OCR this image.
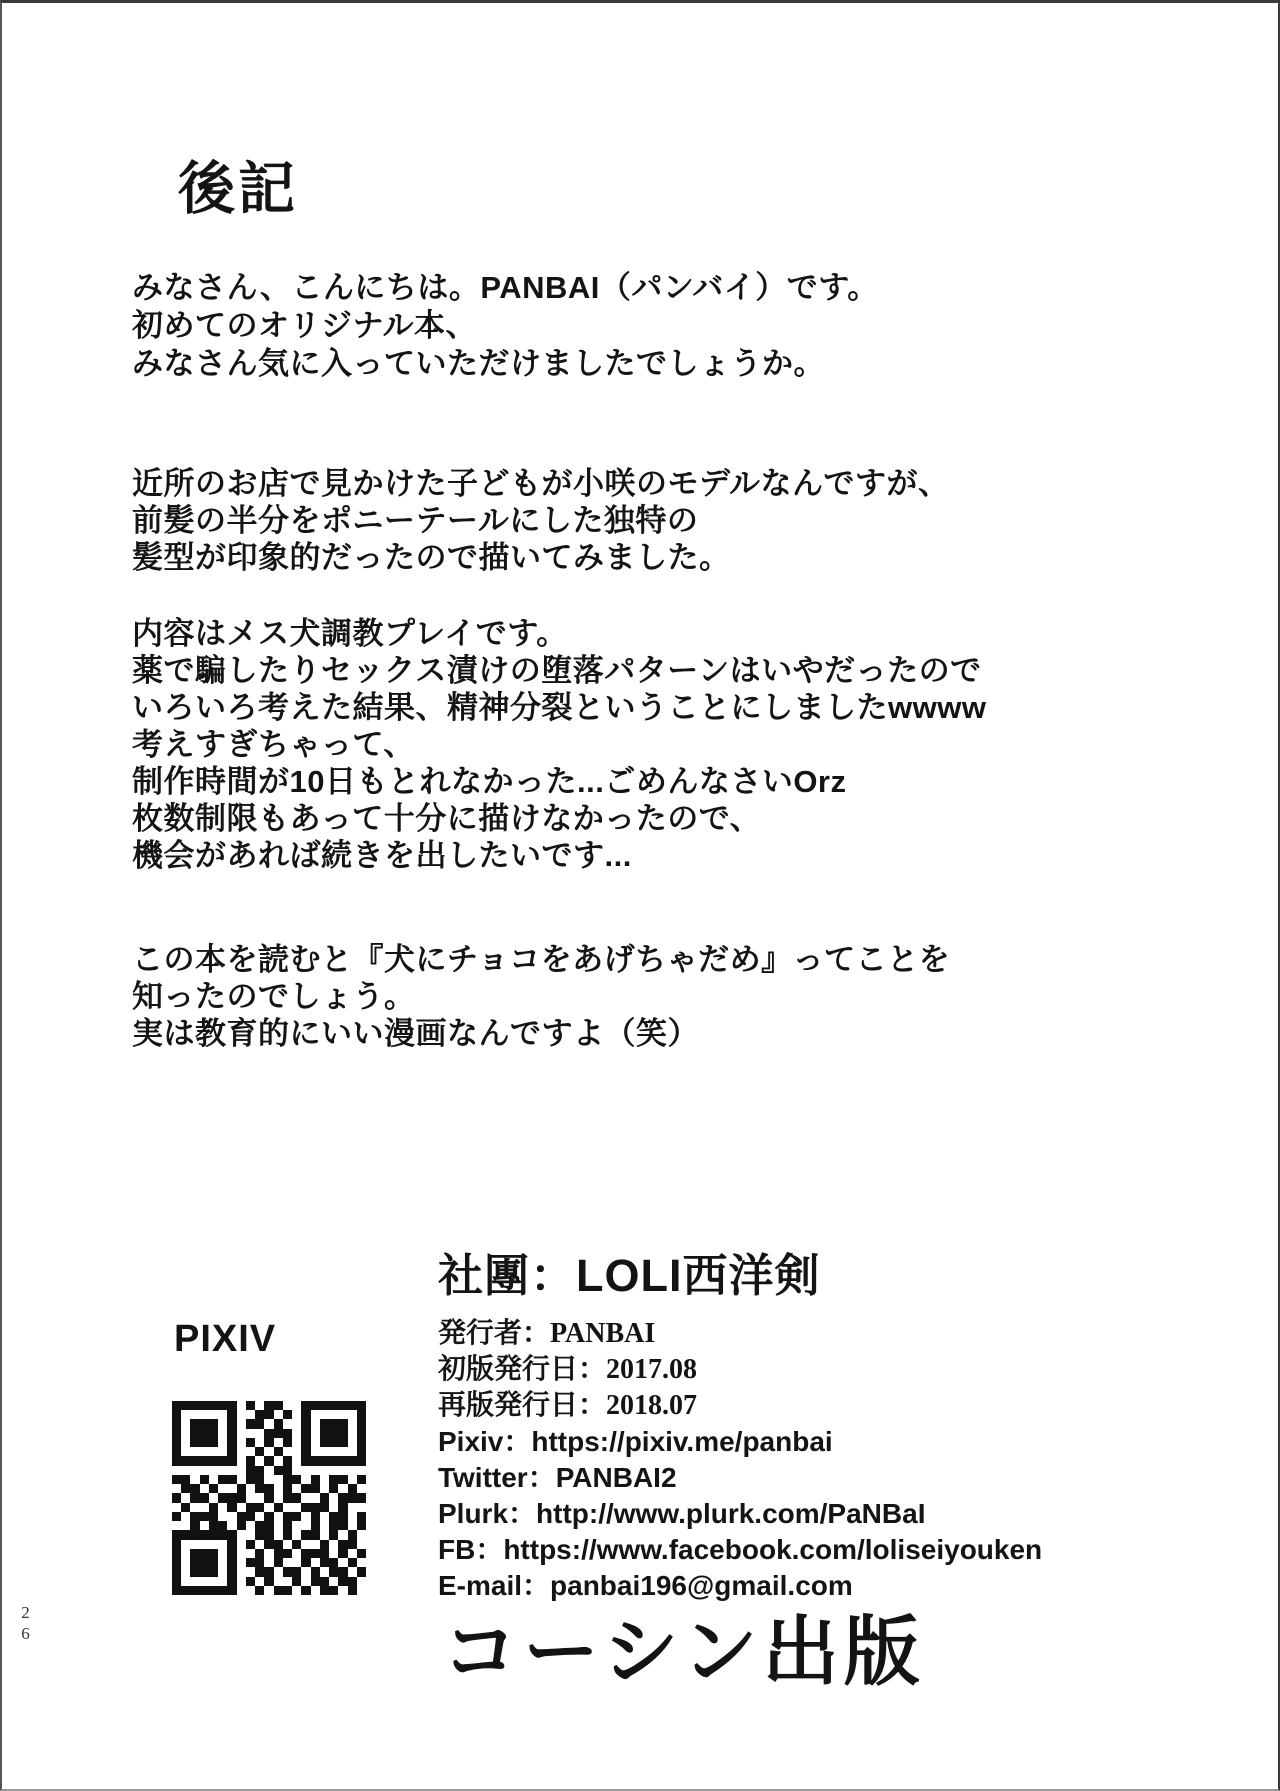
後記
みなさん、こんにちは。PANBAI（パンバイ）です。
初めてのオリジナル本、
みなさん気に入っていただけましたでしょうか。
近所のお店で見かけた子どもが小咲のモデルなんですが、
前髪の半分をポニーテールにした独特の
髪型が印象的だったので描いてみました。
内容はメス犬調教プレイです。
薬で騙したりセックス漬けの堕落パターンはいやだったので
いろいろ考えた結果、精神分裂ということにしましたwwww
考えすぎちゃって、
制作時間が10日もとれなかった...ごめんなさいOrz
枚数制限もあって十分に描けなかったので、
機会があれば続きを出したいです...
この本を読むと『犬にチョコをあげちゃだめ』ってことを
知ったのでしょう。
実は教育的にいい漫画なんですよ（笑）
PIXIV
社團：LOLI西洋剣
発行者：PANBAI
初版発行日：2017.08
再版発行日：2018.07
Pixiv：https://pixiv.me/panbai
Twitter：PANBAI2
Plurk：http://www.plurk.com/PaNBaI
FB：https://www.facebook.com/loliseiyouken
E-mail：panbai196@gmail.com
コーシン出版
26
